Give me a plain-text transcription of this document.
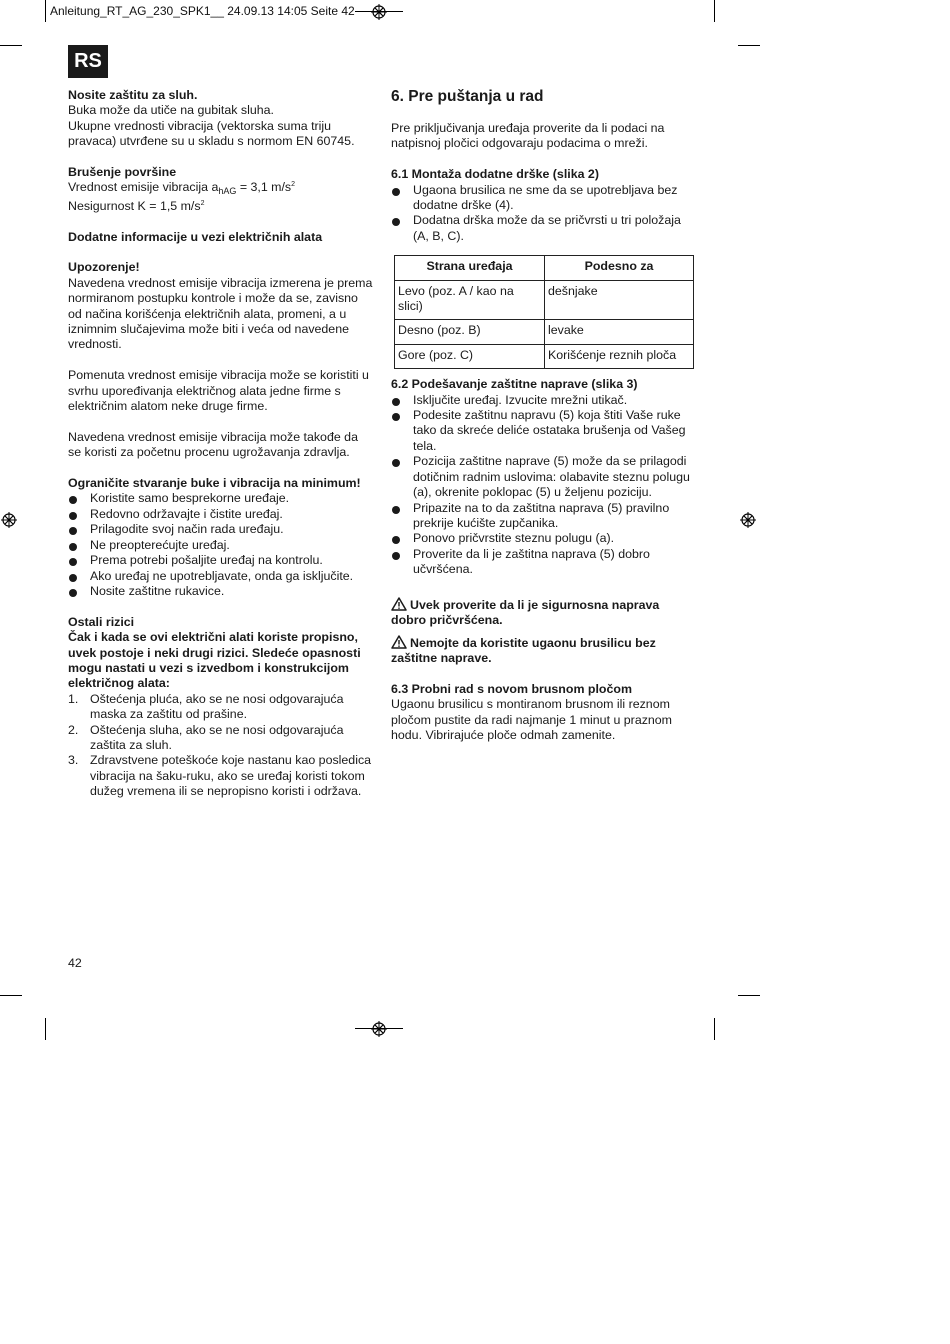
Anleitung_RT_AG_230_SPK1__ 24.09.13 14:05 Seite 42
RS

Nosite zaštitu za sluh.

Buka može da utiče na gubitak sluha.

Ukupne vrednosti vibracija (vektorska suma triju pravaca) utvrđene su u skladu s normom EN 60745.

Brušenje površine

Vrednost emisije vibracija $a_{hAG} = 3,1$ $m/s^2$

Nesigurnost K = 1,5 $m/s^2$

Dodatne informacije u vezi električnih alata

Upozorenje!

Navedena vrednost emisije vibracija izmerena je prema normiranom postupku kontrole i može da se, zavisno od načina korišćenja električnih alata, promeni, a u iznimnim slučajevima može biti i veća od navedene vrednosti.

Pomenuta vrednost emisije vibracija može se koristiti u svrhu upoređivanja električnog alata jedne firme s električnim alatom neke druge firme.

Navedena vrednost emisije vibracija može takođe da se koristi za početnu procenu ugrožavanja zdravlja.

Ograničite stvaranje buke i vibracija na minimum!

Koristite samo besprekorne uređaje.
Redovno održavajte i čistite uređaj.
Prilagodite svoj način rada uređaju.
Ne preopterećujte uređaj.
Prema potrebi pošaljite uređaj na kontrolu.
Ako uređaj ne upotrebljavate, onda ga isključite.
Nosite zaštitne rukavice.

Ostali rizici

Čak i kada se ovi električni alati koriste propisno, uvek postoje i neki drugi rizici. Sledeće opasnosti mogu nastati u vezi s izvedbom i konstrukcijom električnog alata:

1. Oštećenja pluća, ako se ne nosi odgovarajuća maska za zaštitu od prašine.
2. Oštećenja sluha, ako se ne nosi odgovarajuća zaštita za sluh.
3. Zdravstvene poteškoće koje nastanu kao posledica vibracija na šaku-ruku, ako se uređaj koristi tokom dužeg vremena ili se nepropisno koristi i održava.

6. Pre puštanja u rad

Pre priključivanja uređaja proverite da li podaci na natpisnoj pločici odgovaraju podacima o mreži.

6.1 Montaža dodatne drške (slika 2)

Ugaona brusilica ne sme da se upotrebljava bez dodatne drške (4).
Dodatna drška može da se pričvrsti u tri položaja (A, B, C).
Strana uređaja	Podesno za
Levo (poz. A / kao na slici)	dešnjake
Desno (poz. B)	levake
Gore (poz. C)	Korišćenje reznih ploča

6.2 Podešavanje zaštitne naprave (slika 3)

Isključite uređaj. Izvucite mrežni utikač.
Podesite zaštitnu napravu (5) koja štiti Vaše ruke tako da skreće deliće ostataka brušenja od Vašeg tela.
Pozicija zaštitne naprave (5) može da se prilagodi dotičnim radnim uslovima: olabavite steznu polugu (a), okrenite poklopac (5) u željenu poziciju.
Pripazite na to da zaštitna naprava (5) pravilno prekrije kućište zupčanika.
Ponovo pričvrstite steznu polugu (a).
Proverite da li je zaštitna naprava (5) dobro učvršćena.

Uvek proverite da li je sigurnosna naprava dobro pričvršćena.

Nemojte da koristite ugaonu brusilicu bez zaštitne naprave.

6.3 Probni rad s novom brusnom pločom

Ugaonu brusilicu s montiranom brusnom ili reznom pločom pustite da radi najmanje 1 minut u praznom hodu. Vibrirajuće ploče odmah zamenite.

42
